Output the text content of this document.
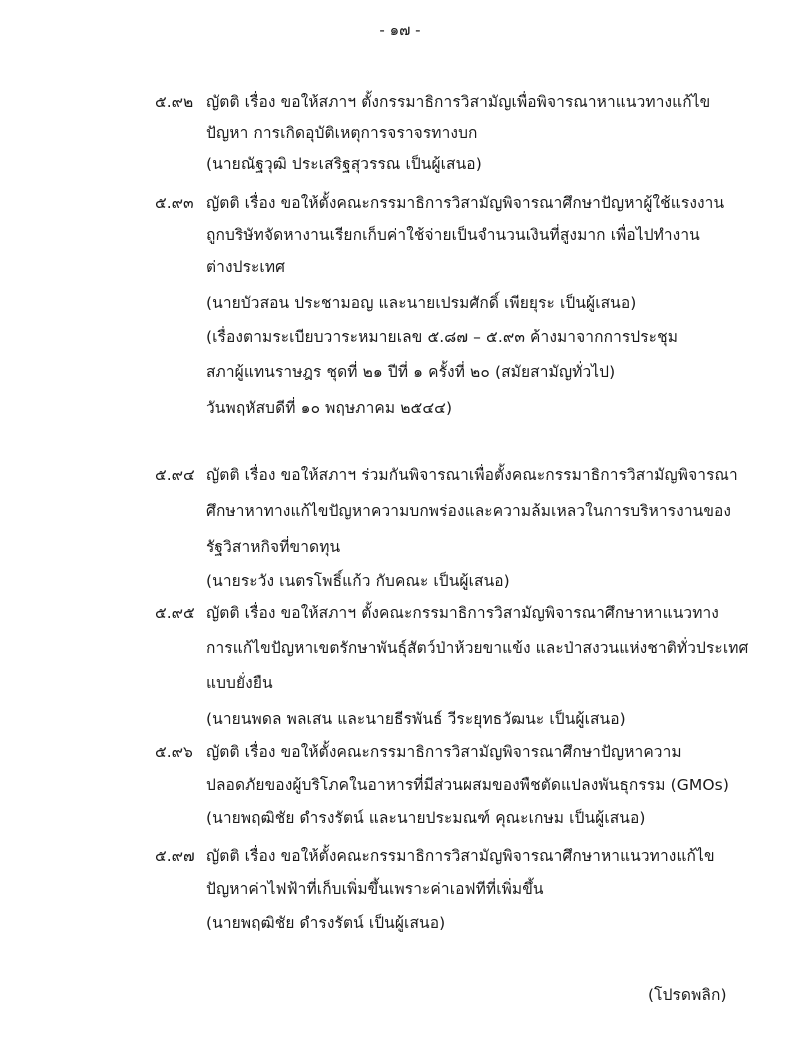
- ๑๗ -
๕.๙๒ ญัตติ เรื่อง ขอให้สภาฯ ตั้งกรรมาธิการวิสามัญเพื่อพิจารณาหาแนวทางแก้ไข
ปัญหา การเกิดอุบัติเหตุการจราจรทางบก
(นายณัฐวุฒิ ประเสริฐสุวรรณ เป็นผู้เสนอ)
๕.๙๓ ญัตติ เรื่อง ขอให้ตั้งคณะกรรมาธิการวิสามัญพิจารณาศึกษาปัญหาผู้ใช้แรงงาน
ถูกบริษัทจัดหางานเรียกเก็บค่าใช้จ่ายเป็นจำนวนเงินที่สูงมาก เพื่อไปทำงาน
ต่างประเทศ
(นายบัวสอน ประชามอญ และนายเปรมศักดิ์ เพียยุระ เป็นผู้เสนอ)
(เรื่องตามระเบียบวาระหมายเลข ๕.๘๗ – ๕.๙๓ ค้างมาจากการประชุม
สภาผู้แทนราษฎร ชุดที่ ๒๑ ปีที่ ๑ ครั้งที่ ๒๐ (สมัยสามัญทั่วไป)
วันพฤหัสบดีที่ ๑๐ พฤษภาคม ๒๕๔๔)
๕.๙๔ ญัตติ เรื่อง ขอให้สภาฯ ร่วมกันพิจารณาเพื่อตั้งคณะกรรมาธิการวิสามัญพิจารณา
ศึกษาหาทางแก้ไขปัญหาความบกพร่องและความล้มเหลวในการบริหารงานของ
รัฐวิสาหกิจที่ขาดทุน
(นายระวัง เนตรโพธิ์แก้ว กับคณะ เป็นผู้เสนอ)
๕.๙๕ ญัตติ เรื่อง ขอให้สภาฯ ตั้งคณะกรรมาธิการวิสามัญพิจารณาศึกษาหาแนวทาง
การแก้ไขปัญหาเขตรักษาพันธุ์สัตว์ป่าห้วยขาแข้ง และป่าสงวนแห่งชาติทั่วประเทศ
แบบยั่งยืน
(นายนพดล พลเสน และนายธีรพันธ์ วีระยุทธวัฒนะ เป็นผู้เสนอ)
๕.๙๖ ญัตติ เรื่อง ขอให้ตั้งคณะกรรมาธิการวิสามัญพิจารณาศึกษาปัญหาความ
ปลอดภัยของผู้บริโภคในอาหารที่มีส่วนผสมของพืชตัดแปลงพันธุกรรม (GMOs)
(นายพฤฒิชัย ดำรงรัตน์ และนายประมณฑ์ คุณะเกษม เป็นผู้เสนอ)
๕.๙๗ ญัตติ เรื่อง ขอให้ตั้งคณะกรรมาธิการวิสามัญพิจารณาศึกษาหาแนวทางแก้ไข
ปัญหาค่าไฟฟ้าที่เก็บเพิ่มขึ้นเพราะค่าเอฟทีที่เพิ่มขึ้น
(นายพฤฒิชัย ดำรงรัตน์ เป็นผู้เสนอ)
(โปรดพลิก)
